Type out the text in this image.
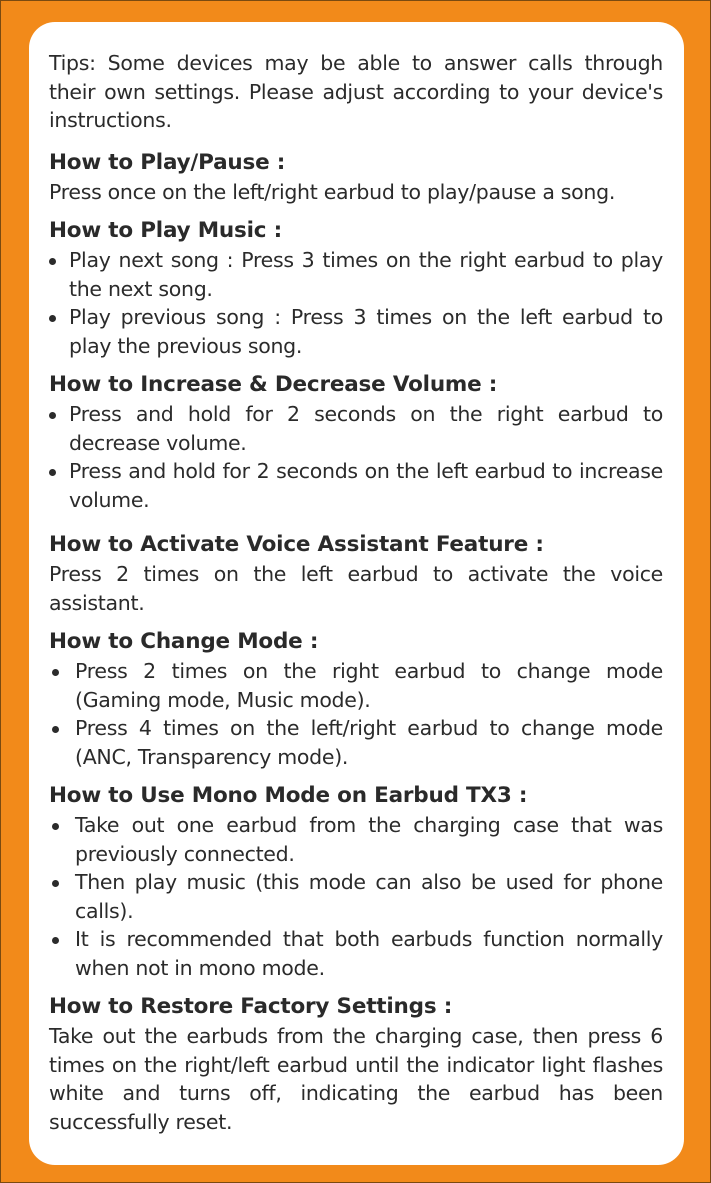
Tips: Some devices may be able to answer calls through their own settings. Please adjust according to your device's instructions.

How to Play/Pause :

Press once on the left/right earbud to play/pause a song.

How to Play Music :

Play next song : Press 3 times on the right earbud to play the next song.
Play previous song : Press 3 times on the left earbud to play the previous song.

How to Increase & Decrease Volume :

Press and hold for 2 seconds on the right earbud to decrease volume.
Press and hold for 2 seconds on the left earbud to increase volume.

How to Activate Voice Assistant Feature :

Press 2 times on the left earbud to activate the voice assistant.

How to Change Mode :

Press 2 times on the right earbud to change mode (Gaming mode, Music mode).
Press 4 times on the left/right earbud to change mode (ANC, Transparency mode).

How to Use Mono Mode on Earbud TX3 :

Take out one earbud from the charging case that was previously connected.
Then play music (this mode can also be used for phone calls).
It is recommended that both earbuds function normally when not in mono mode.

How to Restore Factory Settings :

Take out the earbuds from the charging case, then press 6 times on the right/left earbud until the indicator light flashes white and turns off, indicating the earbud has been successfully reset.
